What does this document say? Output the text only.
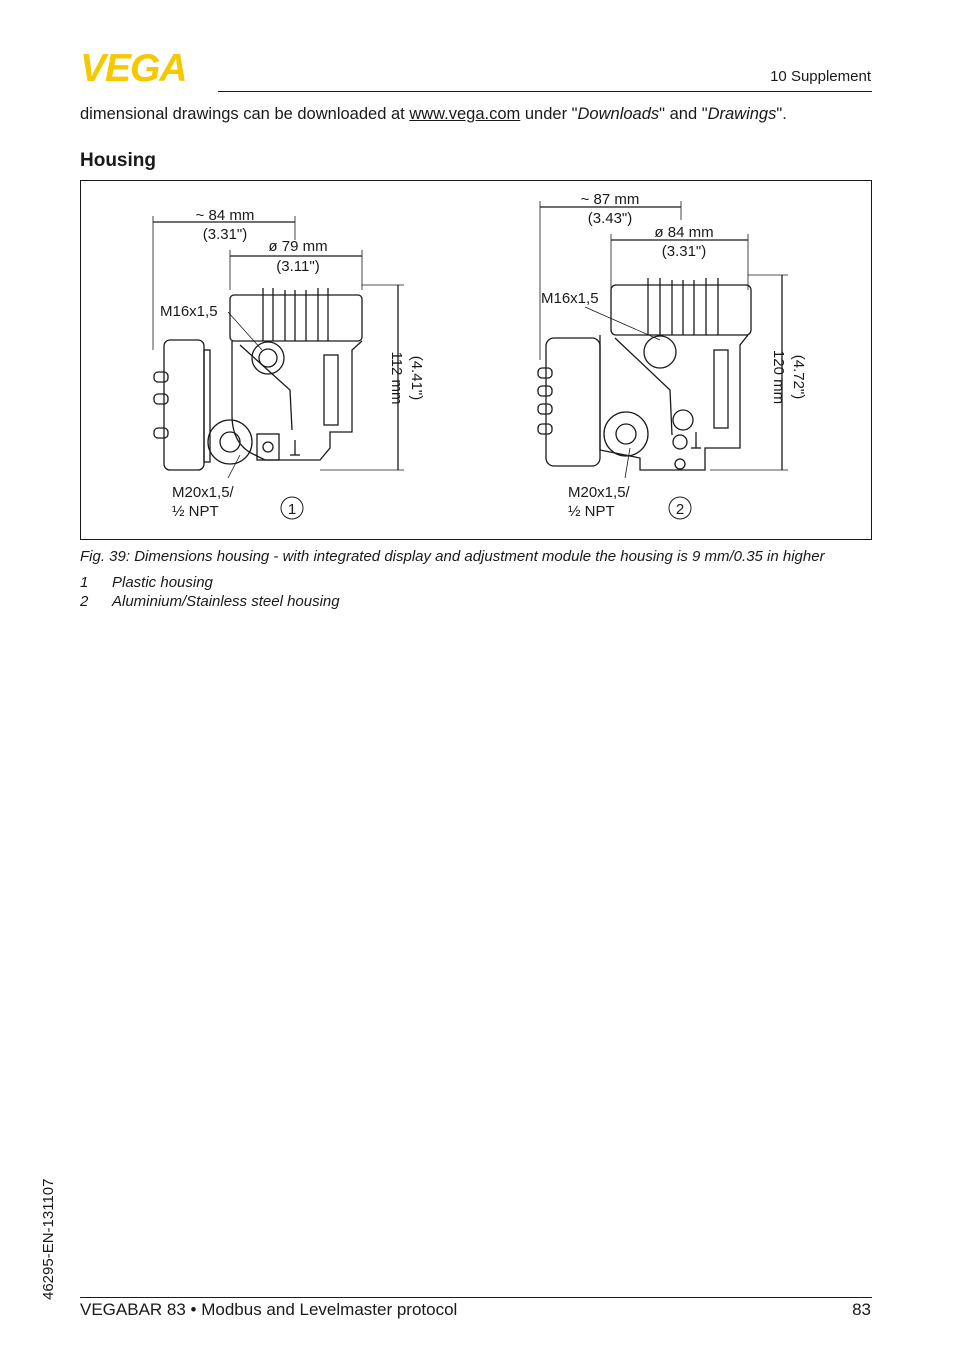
VEGA	10 Supplement
dimensional drawings can be downloaded at www.vega.com under "Downloads" and "Drawings".
Housing
~ 84 mm
(3.31")
ø 79 mm
(3.11")
M16x1,5
M20x1,5/
½ NPT
112 mm (4.41")
1
~ 87 mm
(3.43")
ø 84 mm
(3.31")
M16x1,5
M20x1,5/
½ NPT
120 mm (4.72")
2
Fig. 39: Dimensions housing - with integrated display and adjustment module the housing is 9 mm/0.35 in higher
1 Plastic housing
2 Aluminium/Stainless steel housing
46295-EN-131107
VEGABAR 83 • Modbus and Levelmaster protocol	83
